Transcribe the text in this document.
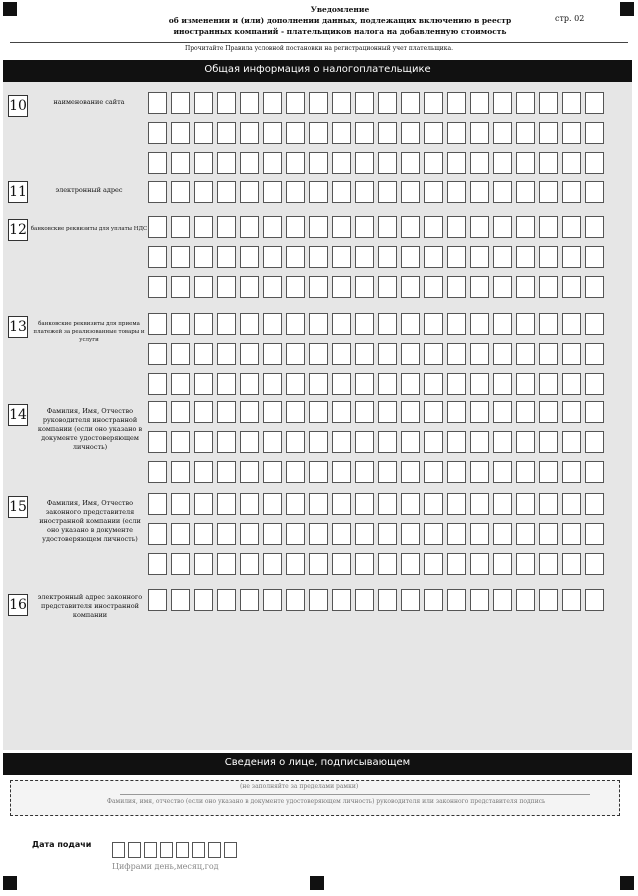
Уведомление
об изменении и (или) дополнении данных, подлежащих включению в реестр
иностранных компаний - плательщиков налога на добавленную стоимость
стр. 02
Прочитайте Правила условной постановки на регистрационный учет плательщика.
Общая информация о налогоплательщике
10	наименование сайта
11	электронный адрес
12 банковские реквизиты для уплаты НДС
13	банковские реквизиты для приема платежей за реализованные товары и услуги
14	Фамилия, Имя, Отчество руководителя иностранной компании (если оно указано в документе удостоверяющем личность)
15	Фамилия, Имя, Отчество законного представителя иностранной компании (если оно указано в документе удостоверяющем личность)
16	электронный адрес законного представителя иностранной компании
Сведения о лице, подписывающем
(не заполняйте за пределами рамки)
Фамилия, имя, отчество (если оно указано в документе удостоверяющем личность) руководителя или законного представителя подпись
Дата подачи
Цифрами день,месяц,год
